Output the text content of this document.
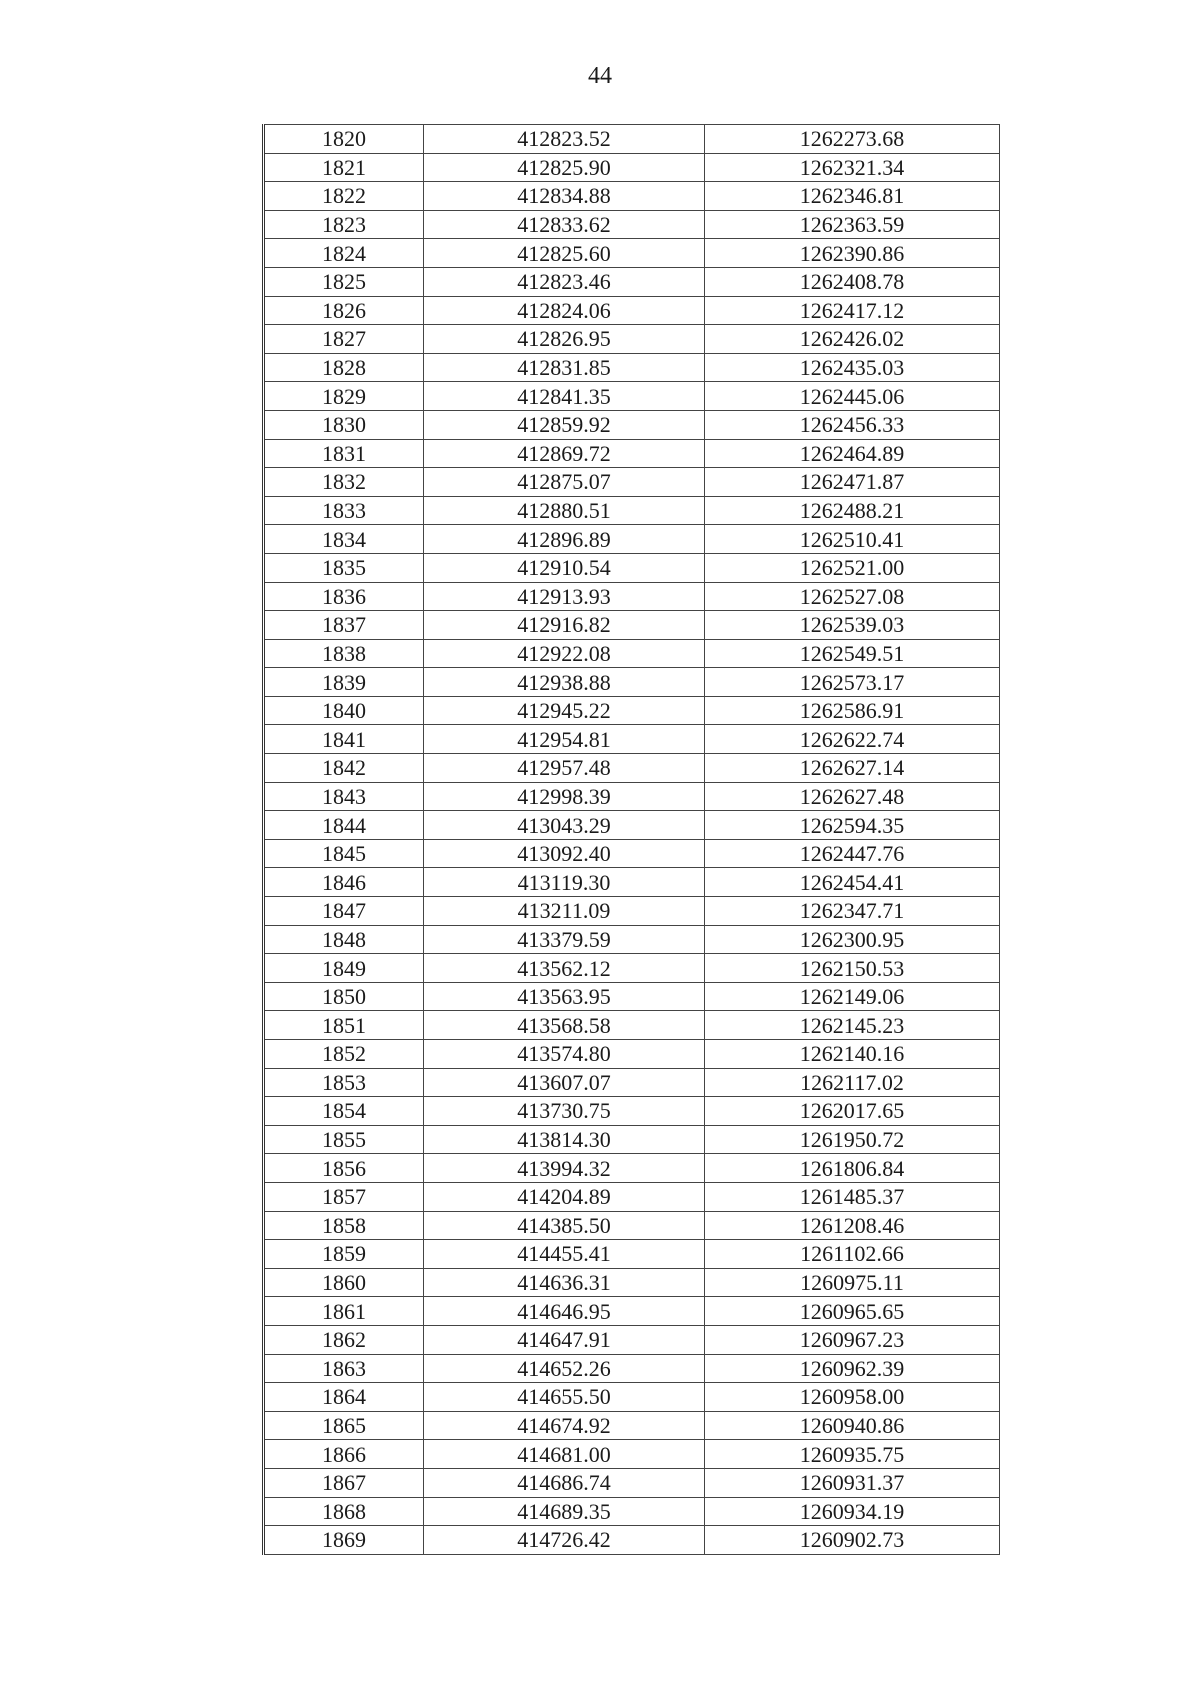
44
1820	412823.52	1262273.68
1821	412825.90	1262321.34
1822	412834.88	1262346.81
1823	412833.62	1262363.59
1824	412825.60	1262390.86
1825	412823.46	1262408.78
1826	412824.06	1262417.12
1827	412826.95	1262426.02
1828	412831.85	1262435.03
1829	412841.35	1262445.06
1830	412859.92	1262456.33
1831	412869.72	1262464.89
1832	412875.07	1262471.87
1833	412880.51	1262488.21
1834	412896.89	1262510.41
1835	412910.54	1262521.00
1836	412913.93	1262527.08
1837	412916.82	1262539.03
1838	412922.08	1262549.51
1839	412938.88	1262573.17
1840	412945.22	1262586.91
1841	412954.81	1262622.74
1842	412957.48	1262627.14
1843	412998.39	1262627.48
1844	413043.29	1262594.35
1845	413092.40	1262447.76
1846	413119.30	1262454.41
1847	413211.09	1262347.71
1848	413379.59	1262300.95
1849	413562.12	1262150.53
1850	413563.95	1262149.06
1851	413568.58	1262145.23
1852	413574.80	1262140.16
1853	413607.07	1262117.02
1854	413730.75	1262017.65
1855	413814.30	1261950.72
1856	413994.32	1261806.84
1857	414204.89	1261485.37
1858	414385.50	1261208.46
1859	414455.41	1261102.66
1860	414636.31	1260975.11
1861	414646.95	1260965.65
1862	414647.91	1260967.23
1863	414652.26	1260962.39
1864	414655.50	1260958.00
1865	414674.92	1260940.86
1866	414681.00	1260935.75
1867	414686.74	1260931.37
1868	414689.35	1260934.19
1869	414726.42	1260902.73
